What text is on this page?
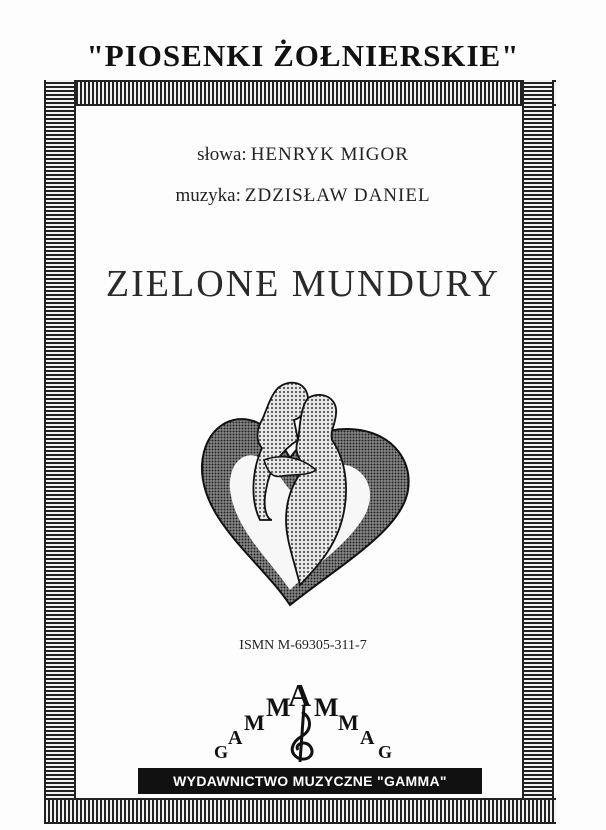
"PIOSENKI ŻOŁNIERSKIE"
słowa: HENRYK MIGOR
muzyka: ZDZISŁAW DANIEL
ZIELONE MUNDURY
ISMN M-69305-311-7
G
A
M
M
A M
M
A
G
WYDAWNICTWO MUZYCZNE "GAMMA"
